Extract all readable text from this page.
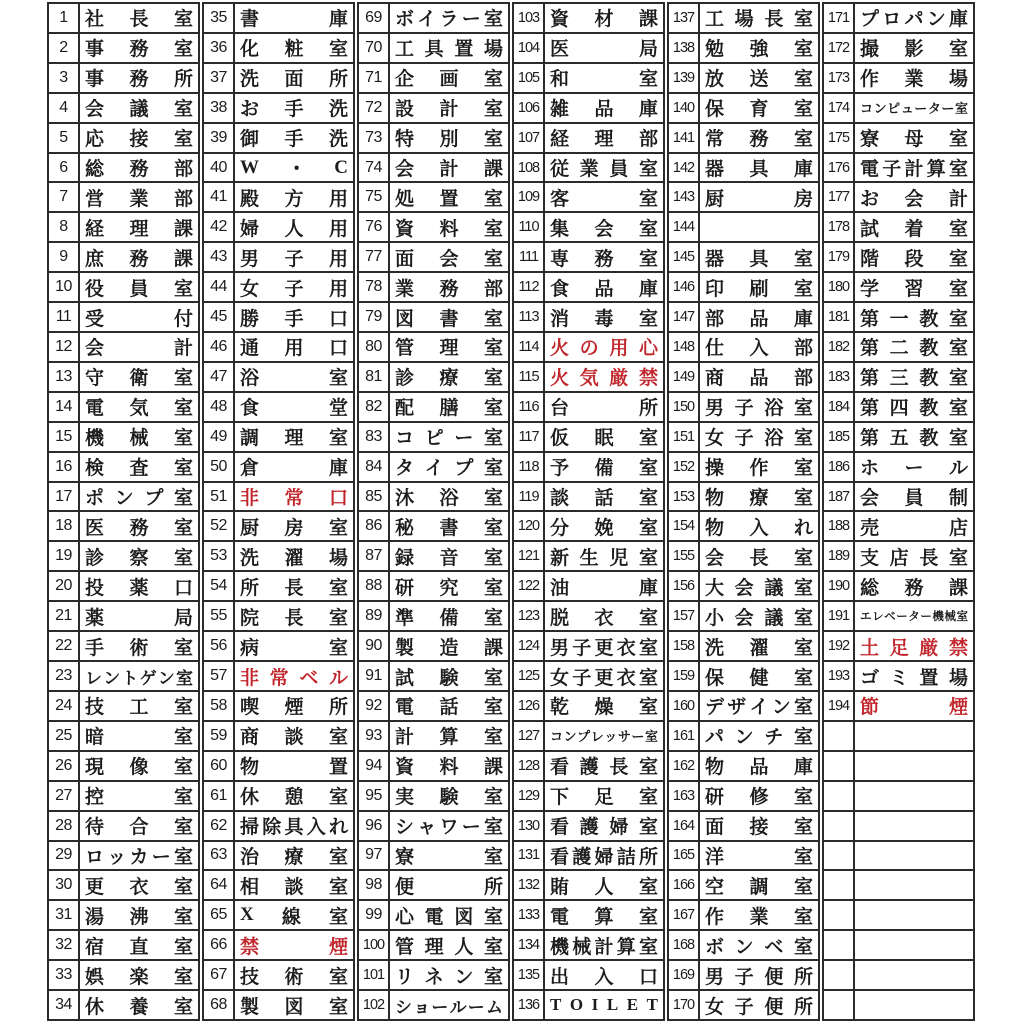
1 社 長 室
2 事 務 室
3 事 務 所
4 会 議 室
5 応 接 室
6 総 務 部
7 営 業 部
8 経 理 課
9 庶 務 課
10 役 員 室
11 受	付
12 会	計
13 守 衛 室
14 電 気 室
15 機 械 室
16 検 査 室
17 ポ ン プ 室
18 医 務 室
19 診 察 室
20 投 薬 口
21 薬	局
22 手 術 室
23 レ ン ト ゲ ン 室
24 技 工 室
25 暗	室
26 現 像 室
27 控	室
28 待 合 室
29 ロ ッ カ ー 室
30 更 衣 室
31 湯 沸 室
32 宿 直 室
33 娯 楽 室
34 休 養 室
35 書	庫
36 化 粧 室
37 洗 面 所
38 お 手 洗
39 御 手 洗
40 W ・ C
41 殿 方 用
42 婦 人 用
43 男 子 用
44 女 子 用
45 勝 手 口
46 通 用 口
47 浴	室
48 食	堂
49 調 理 室
50 倉	庫
51 非 常 口
52 厨 房 室
53 洗 濯 場
54 所 長 室
55 院 長 室
56 病	室
57 非 常 ベ ル
58 喫 煙 所
59 商 談 室
60 物	置
61 休 憩 室
62 掃 除 具 入 れ
63 治 療 室
64 相 談 室
65 X 線 室
66 禁	煙
67 技 術 室
68 製 図 室
69 ボ イ ラ ー 室
70 工 具 置 場
71 企 画 室
72 設 計 室
73 特 別 室
74 会 計 課
75 処 置 室
76 資 料 室
77 面 会 室
78 業 務 部
79 図 書 室
80 管 理 室
81 診 療 室
82 配 膳 室
83 コ ピ ー 室
84 タ イ プ 室
85 沐 浴 室
86 秘 書 室
87 録 音 室
88 研 究 室
89 準 備 室
90 製 造 課
91 試 験 室
92 電 話 室
93 計 算 室
94 資 料 課
95 実 験 室
96 シ ャ ワ ー 室
97 寮	室
98 便	所
99 心 電 図 室
100 管 理 人 室
101 リ ネ ン 室
102 シ ョ ー ル ー ム
103 資 材 課
104 医	局
105 和	室
106 雑 品 庫
107 経 理 部
108 従 業 員 室
109 客	室
110 集 会 室
111 専 務 室
112 食 品 庫
113 消 毒 室
114 火 の 用 心
115 火 気 厳 禁
116 台	所
117 仮 眠 室
118 予 備 室
119 談 話 室
120 分 娩 室
121 新 生 児 室
122 油	庫
123 脱 衣 室
124 男 子 更 衣 室
125 女 子 更 衣 室
126 乾 燥 室
127 コ ン プ レ ッ サ ー 室
128 看 護 長 室
129 下 足 室
130 看 護 婦 室
131 看 護 婦 詰 所
132 賄 人 室
133 電 算 室
134 機 械 計 算 室
135 出 入 口
136 T O I L E T
137 工 場 長 室
138 勉 強 室
139 放 送 室
140 保 育 室
141 常 務 室
142 器 具 庫
143 厨	房
144
145 器 具 室
146 印 刷 室
147 部 品 庫
148 仕 入 部
149 商 品 部
150 男 子 浴 室
151 女 子 浴 室
152 操 作 室
153 物 療 室
154 物 入 れ
155 会 長 室
156 大 会 議 室
157 小 会 議 室
158 洗 濯 室
159 保 健 室
160 デ ザ イ ン 室
161 パ ン チ 室
162 物 品 庫
163 研 修 室
164 面 接 室
165 洋	室
166 空 調 室
167 作 業 室
168 ボ ン ベ 室
169 男 子 便 所
170 女 子 便 所
171 プ ロ パ ン 庫
172 撮 影 室
173 作 業 場
174 コ ン ピ ュ ー タ ー 室
175 寮 母 室
176 電 子 計 算 室
177 お 会 計
178 試 着 室
179 階 段 室
180 学 習 室
181 第 一 教 室
182 第 二 教 室
183 第 三 教 室
184 第 四 教 室
185 第 五 教 室
186 ホ ー ル
187 会 員 制
188 売	店
189 支 店 長 室
190 総 務 課
191 エ レ ベ ー タ ー 機 械 室
192 土 足 厳 禁
193 ゴ ミ 置 場
194 節	煙
